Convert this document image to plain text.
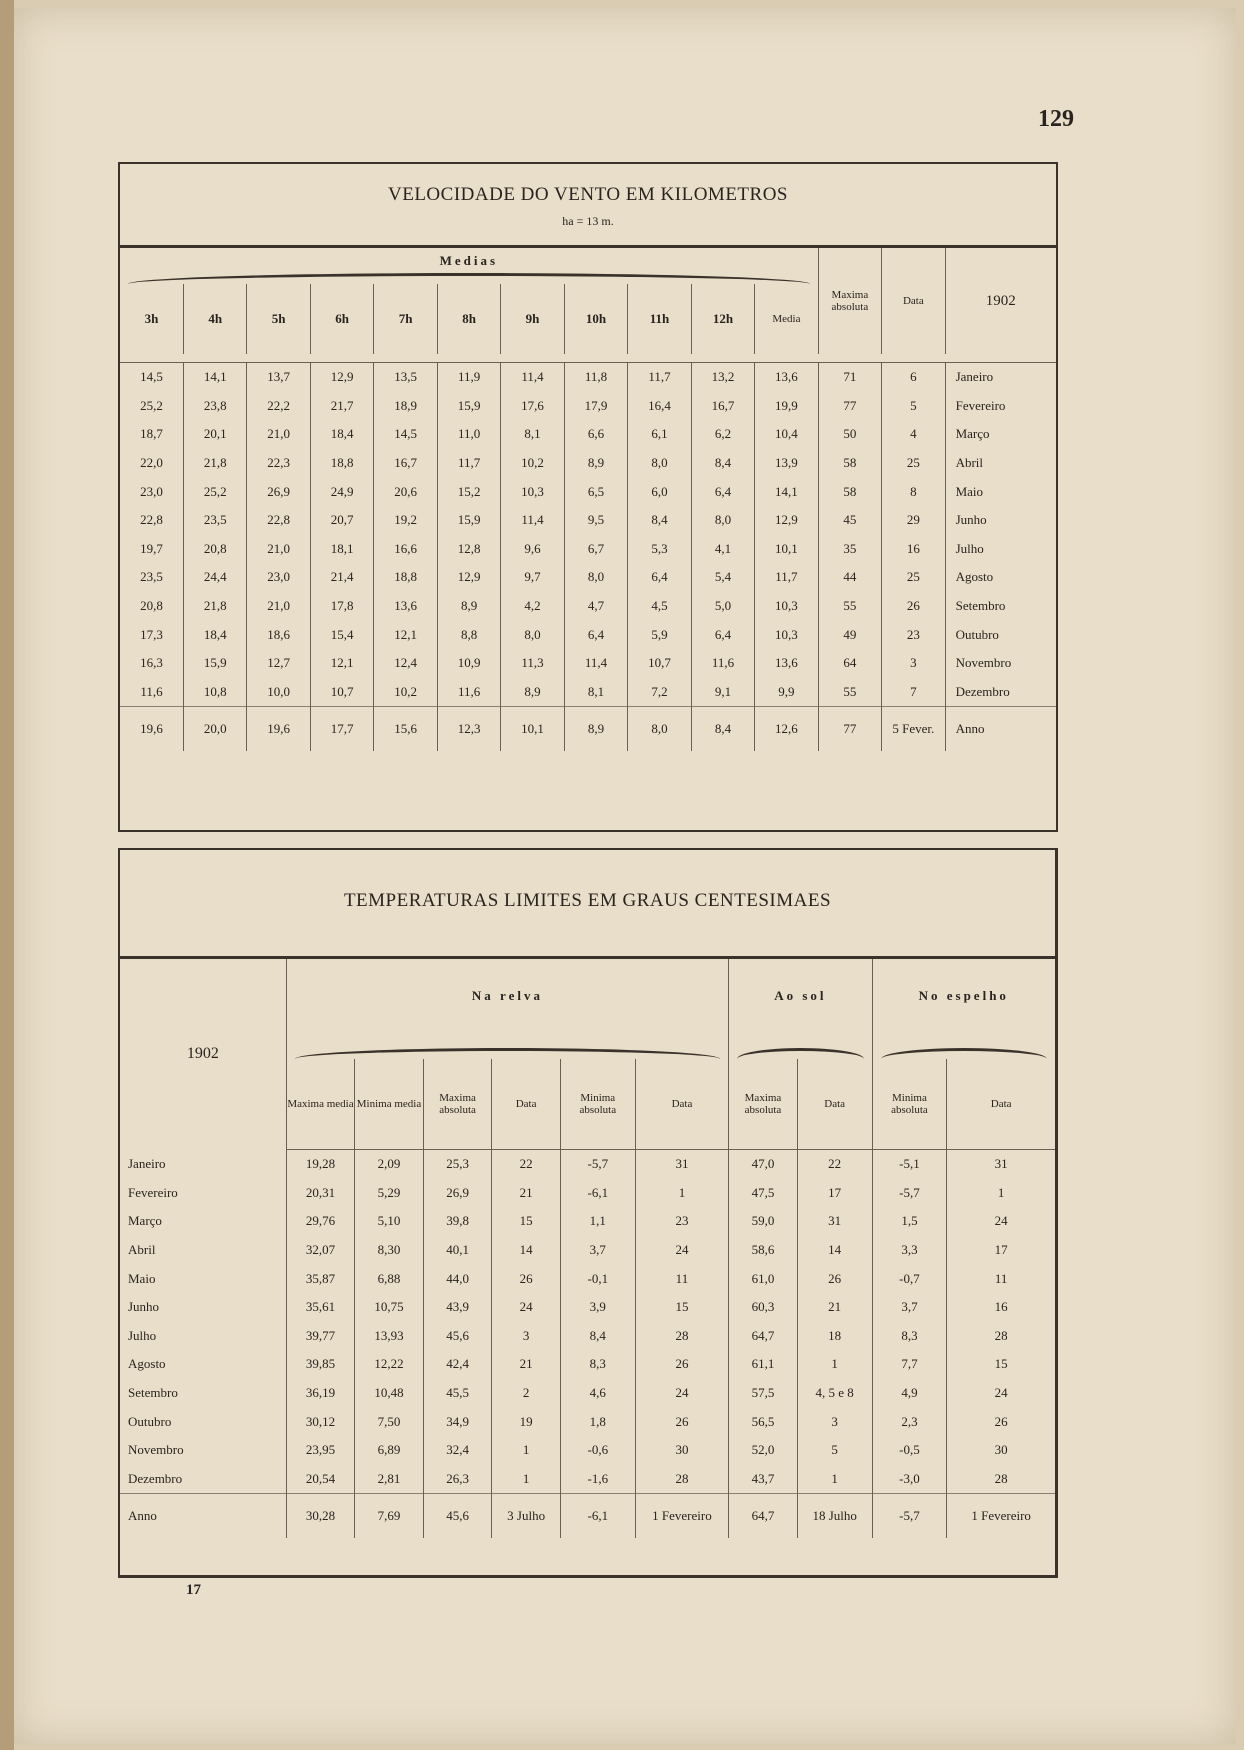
129
VELOCIDADE DO VENTO EM KILOMETROS
ha = 13 m.
Medias											Maxima absoluta	Data	1902
3h	4h	5h	6h	7h	8h	9h	10h	11h	12h	Media			

14,5	14,1	13,7	12,9	13,5	11,9	11,4	11,8	11,7	13,2	13,6	71	6	Janeiro
25,2	23,8	22,2	21,7	18,9	15,9	17,6	17,9	16,4	16,7	19,9	77	5	Fevereiro
18,7	20,1	21,0	18,4	14,5	11,0	8,1	6,6	6,1	6,2	10,4	50	4	Março
22,0	21,8	22,3	18,8	16,7	11,7	10,2	8,9	8,0	8,4	13,9	58	25	Abril
23,0	25,2	26,9	24,9	20,6	15,2	10,3	6,5	6,0	6,4	14,1	58	8	Maio
22,8	23,5	22,8	20,7	19,2	15,9	11,4	9,5	8,4	8,0	12,9	45	29	Junho
19,7	20,8	21,0	18,1	16,6	12,8	9,6	6,7	5,3	4,1	10,1	35	16	Julho
23,5	24,4	23,0	21,4	18,8	12,9	9,7	8,0	6,4	5,4	11,7	44	25	Agosto
20,8	21,8	21,0	17,8	13,6	8,9	4,2	4,7	4,5	5,0	10,3	55	26	Setembro
17,3	18,4	18,6	15,4	12,1	8,8	8,0	6,4	5,9	6,4	10,3	49	23	Outubro
16,3	15,9	12,7	12,1	12,4	10,9	11,3	11,4	10,7	11,6	13,6	64	3	Novembro
11,6	10,8	10,0	10,7	10,2	11,6	8,9	8,1	7,2	9,1	9,9	55	7	Dezembro
19,6	20,0	19,6	17,7	15,6	12,3	10,1	8,9	8,0	8,4	12,6	77	5 Fever.	Anno
TEMPERATURAS LIMITES EM GRAUS CENTESIMAES
1902	Na relva						Ao sol		No espelho	

	Maxima media	Minima media	Maxima absoluta	Data	Minima absoluta	Data	Maxima absoluta	Data	Minima absoluta	Data
Janeiro	19,28	2,09	25,3	22	-5,7	31	47,0	22	-5,1	31
Fevereiro	20,31	5,29	26,9	21	-6,1	1	47,5	17	-5,7	1
Março	29,76	5,10	39,8	15	1,1	23	59,0	31	1,5	24
Abril	32,07	8,30	40,1	14	3,7	24	58,6	14	3,3	17
Maio	35,87	6,88	44,0	26	-0,1	11	61,0	26	-0,7	11
Junho	35,61	10,75	43,9	24	3,9	15	60,3	21	3,7	16
Julho	39,77	13,93	45,6	3	8,4	28	64,7	18	8,3	28
Agosto	39,85	12,22	42,4	21	8,3	26	61,1	1	7,7	15
Setembro	36,19	10,48	45,5	2	4,6	24	57,5	4, 5 e 8	4,9	24
Outubro	30,12	7,50	34,9	19	1,8	26	56,5	3	2,3	26
Novembro	23,95	6,89	32,4	1	-0,6	30	52,0	5	-0,5	30
Dezembro	20,54	2,81	26,3	1	-1,6	28	43,7	1	-3,0	28
Anno	30,28	7,69	45,6	3 Julho	-6,1	1 Fevereiro	64,7	18 Julho	-5,7	1 Fevereiro
17
